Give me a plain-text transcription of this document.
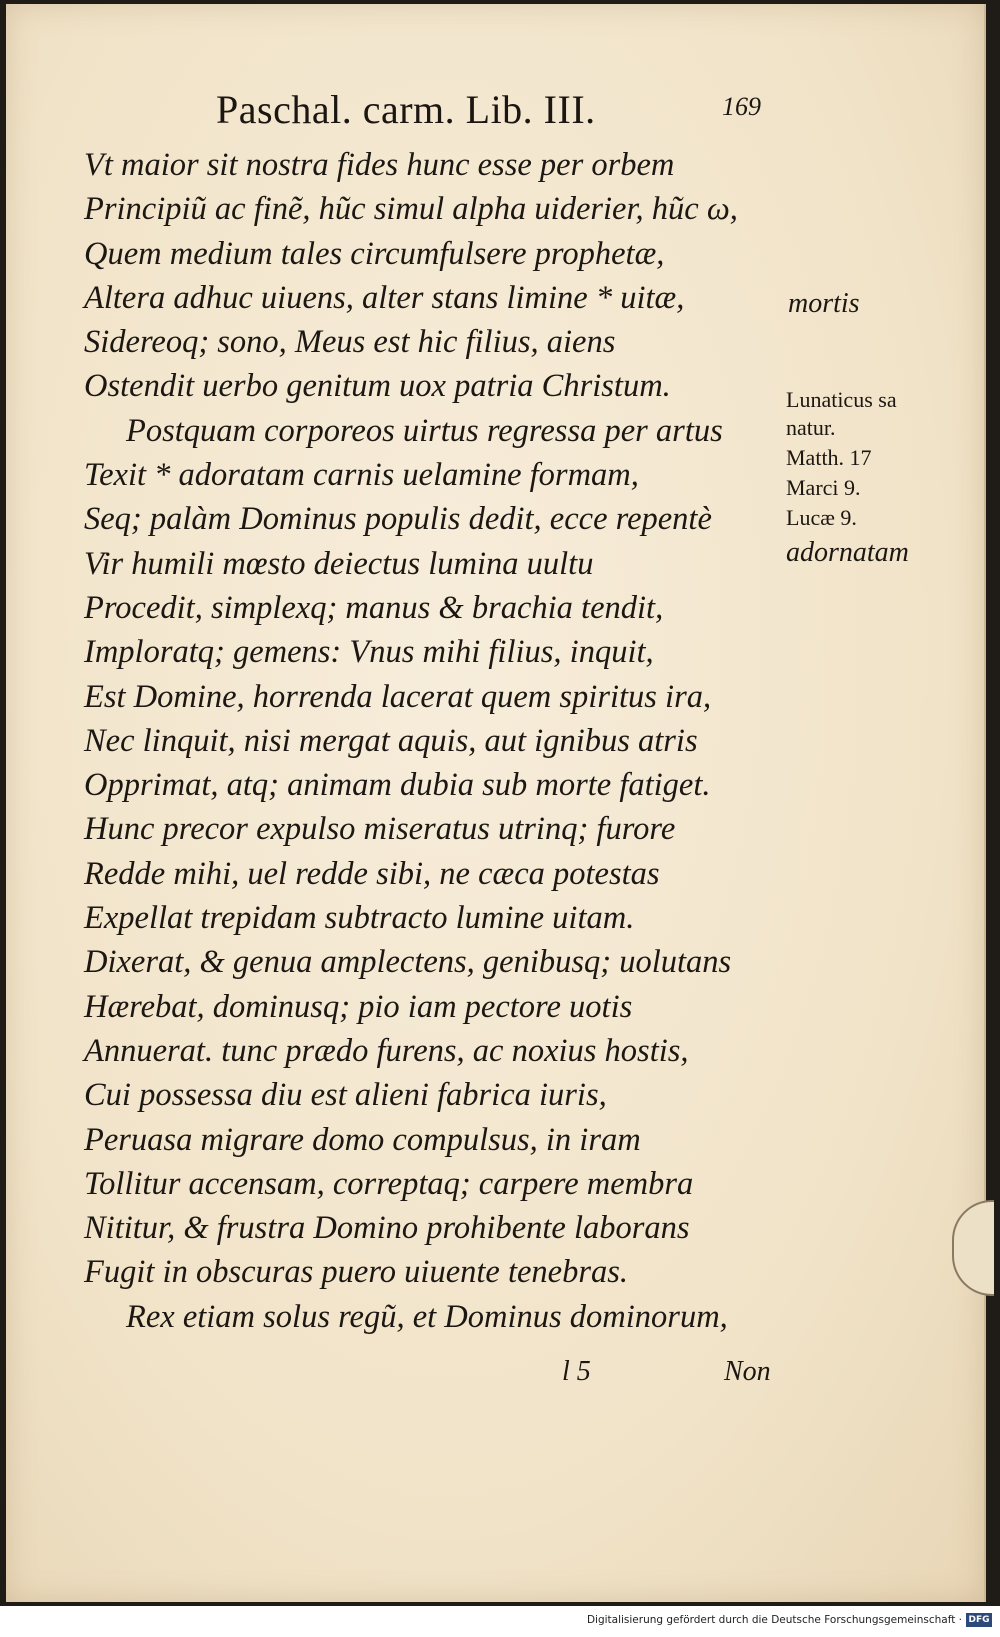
Paschal. carm. Lib. III.	169
Vt maior sit nostra fides hunc esse per orbem
Principiũ ac finẽ, hũc simul alpha uiderier, hũc ω,
Quem medium tales circumfulsere prophetæ,
Altera adhuc uiuens, alter stans limine * uitæ,
Sidereoq; sono, Meus est hic filius, aiens
Ostendit uerbo genitum uox patria Christum.
Postquam corporeos uirtus regressa per artus
Texit * adoratam carnis uelamine formam,
Seq; palàm Dominus populis dedit, ecce repentè
Vir humili mœsto deiectus lumina uultu
Procedit, simplexq; manus & brachia tendit,
Imploratq; gemens: Vnus mihi filius, inquit,
Est Domine, horrenda lacerat quem spiritus ira,
Nec linquit, nisi mergat aquis, aut ignibus atris
Opprimat, atq; animam dubia sub morte fatiget.
Hunc precor expulso miseratus utrinq; furore
Redde mihi, uel redde sibi, ne cæca potestas
Expellat trepidam subtracto lumine uitam.
Dixerat, & genua amplectens, genibusq; uolutans
Hærebat, dominusq; pio iam pectore uotis
Annuerat. tunc prædo furens, ac noxius hostis,
Cui possessa diu est alieni fabrica iuris,
Peruasa migrare domo compulsus, in iram
Tollitur accensam, correptaq; carpere membra
Nititur, & frustra Domino prohibente laborans
Fugit in obscuras puero uiuente tenebras.
Rex etiam solus regũ, et Dominus dominorum,
mortis
Lunaticus sa
natur.
Matth. 17
Marci 9.
Lucæ 9.
adornatam
l 5	Non
Digitalisierung gefördert durch die Deutsche Forschungsgemeinschaft · DFG
